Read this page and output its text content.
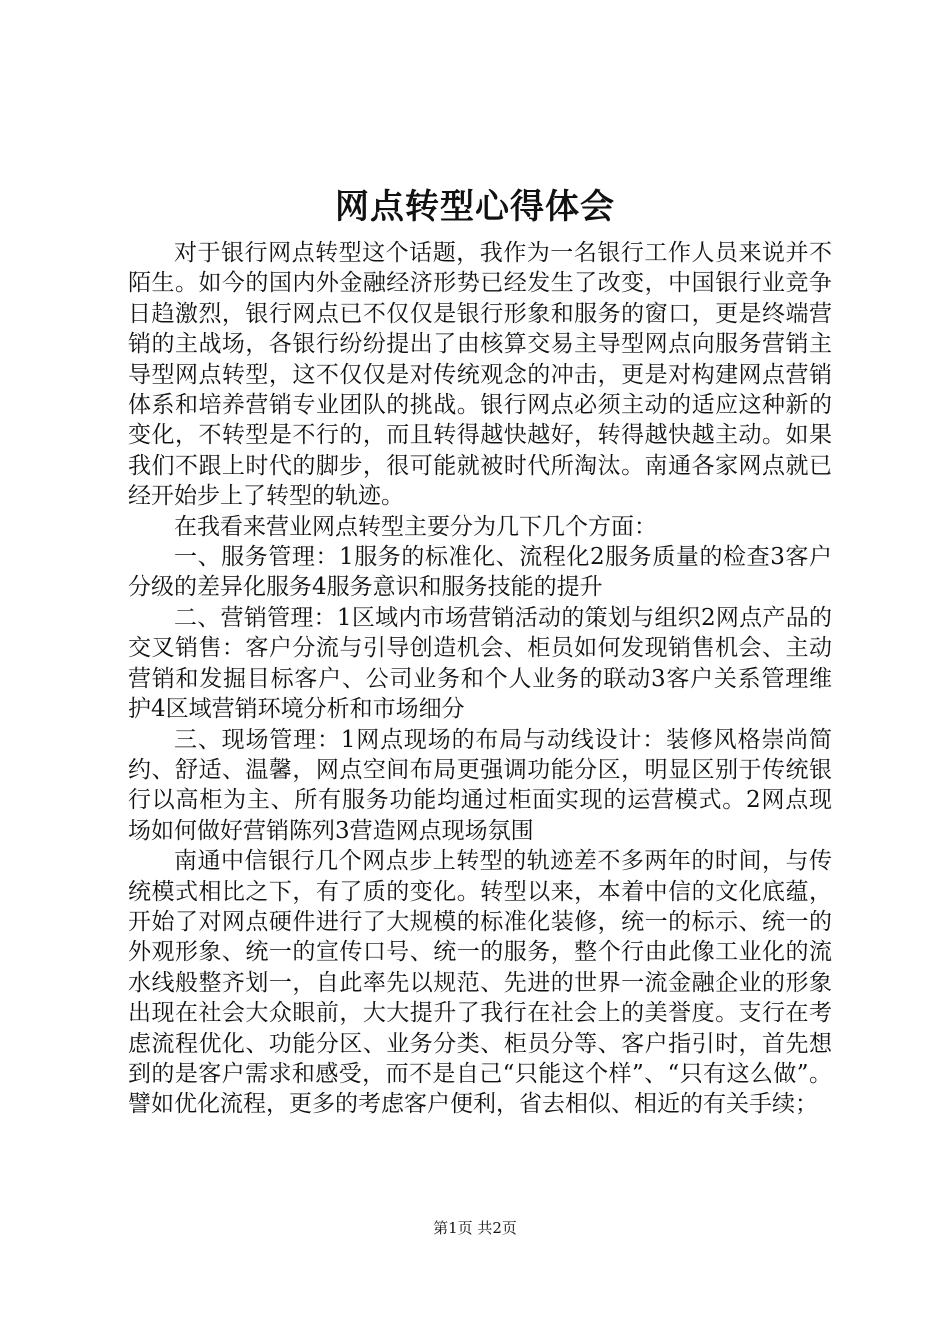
网点转型心得体会

对于银行网点转型这个话题，我作为一名银行工作人员来说并不陌生。如今的国内外金融经济形势已经发生了改变，中国银行业竞争日趋激烈，银行网点已不仅仅是银行形象和服务的窗口，更是终端营销的主战场，各银行纷纷提出了由核算交易主导型网点向服务营销主导型网点转型，这不仅仅是对传统观念的冲击，更是对构建网点营销体系和培养营销专业团队的挑战。银行网点必须主动的适应这种新的变化，不转型是不行的，而且转得越快越好，转得越快越主动。如果我们不跟上时代的脚步，很可能就被时代所淘汰。南通各家网点就已经开始步上了转型的轨迹。

在我看来营业网点转型主要分为几下几个方面：

一、服务管理：1服务的标准化、流程化2服务质量的检查3客户分级的差异化服务4服务意识和服务技能的提升

二、营销管理：1区域内市场营销活动的策划与组织2网点产品的交叉销售：客户分流与引导创造机会、柜员如何发现销售机会、主动营销和发掘目标客户、公司业务和个人业务的联动3客户关系管理维护4区域营销环境分析和市场细分

三、现场管理：1网点现场的布局与动线设计：装修风格崇尚简约、舒适、温馨，网点空间布局更强调功能分区，明显区别于传统银行以高柜为主、所有服务功能均通过柜面实现的运营模式。2网点现场如何做好营销陈列3营造网点现场氛围

南通中信银行几个网点步上转型的轨迹差不多两年的时间，与传统模式相比之下，有了质的变化。转型以来，本着中信的文化底蕴，开始了对网点硬件进行了大规模的标准化装修，统一的标示、统一的外观形象、统一的宣传口号、统一的服务，整个行由此像工业化的流水线般整齐划一，自此率先以规范、先进的世界一流金融企业的形象出现在社会大众眼前，大大提升了我行在社会上的美誉度。支行在考虑流程优化、功能分区、业务分类、柜员分等、客户指引时，首先想到的是客户需求和感受，而不是自己“只能这个样”、“只有这么做”。譬如优化流程，更多的考虑客户便利，省去相似、相近的有关手续；

第1页 共2页
